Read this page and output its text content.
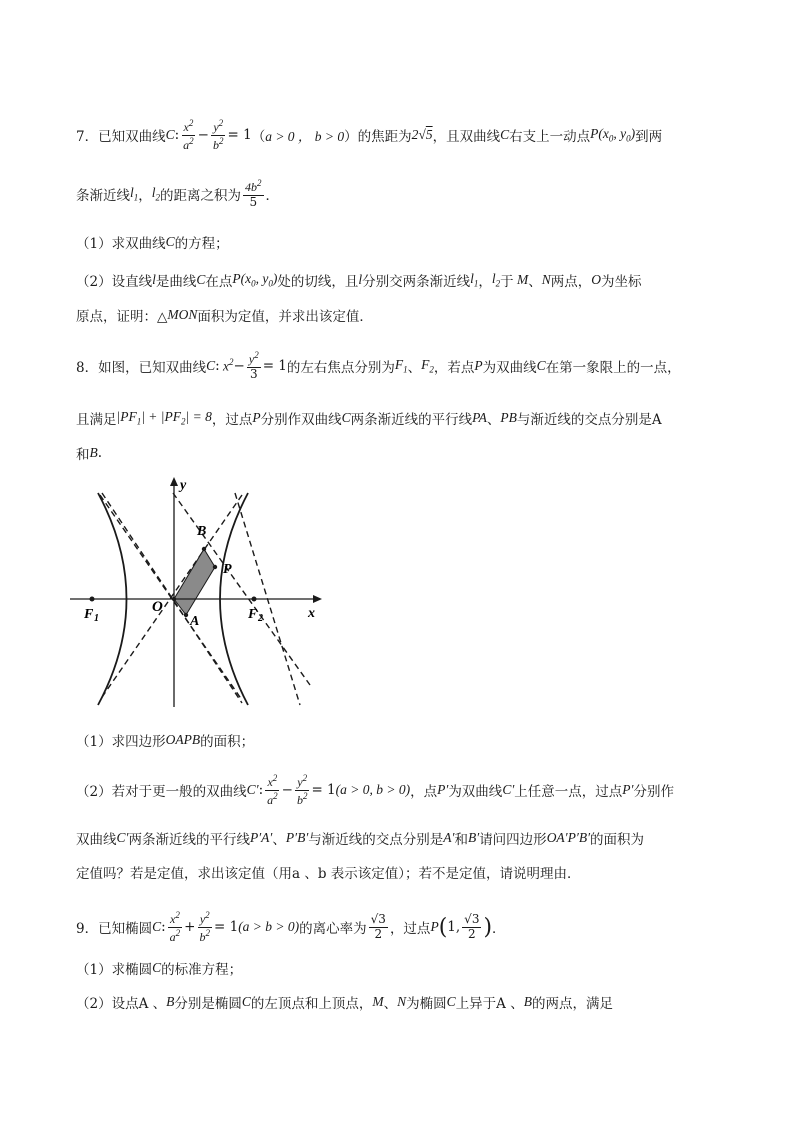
7．已知双曲线 C : $\frac{x^2}{a^2} - \frac{y^2}{b^2} = 1$ （ a > 0 ， b > 0 ）的焦距为 2√5 ，且双曲线 C 右支上一动点 $P(x_0$, $y_0$) 到两
条渐近线 $l_1$ ， $l_2$ 的距离之积为 $\frac{4b^2}{5}$ ．
（1）求双曲线 C 的方程；
（2）设直线 l 是曲线 C 在点 $P(x_0$, $y_0$) 处的切线，且 l 分别交两条渐近线 $l_1$ ， $l_2$ 于 M 、 N 两点， O 为坐标
原点，证明：△ MON 面积为定值，并求出该定值．
8．如图，已知双曲线 C : $x^2 - \frac{y^2}{3} = 1$ 的左右焦点分别为 $F_1$ 、 $F_2$ ，若点 P 为双曲线 C 在第一象限上的一点，
且满足 $|PF_1| + |PF_2| = 8$ ，过点 P 分别作双曲线 C 两条渐近线的平行线 PA 、 PB 与渐近线的交点分别是A
和 B .
y
x
O
F 1	F 2
A
B
P
（1）求四边形 OAPB 的面积；
（2）若对于更一般的双曲线 C′ : $\frac{x^2}{a^2} - \frac{y^2}{b^2} = 1$ (a > 0, b > 0) ，点 P′ 为双曲线 C′ 上任意一点，过点 P′ 分别作
双曲线 C′ 两条渐近线的平行线 P′A′ 、 P′B′ 与渐近线的交点分别是 A′ 和 B′ 请问四边形 OA′P′B′ 的面积为
定值吗？若是定值，求出该定值（用a 、b 表示该定值）；若不是定值，请说明理由．
9．已知椭圆 C : $\frac{x^2}{a^2} + \frac{y^2}{b^2} = 1$ (a > b > 0) 的离心率为 $\frac{√3}{2}$ ，过点 P ( 1, $\frac{√3}{2}$ ) ．
（1）求椭圆 C 的标准方程；
（2）设点A 、 B 分别是椭圆 C 的左顶点和上顶点， M 、 N 为椭圆 C 上异于A 、 B 的两点，满足
